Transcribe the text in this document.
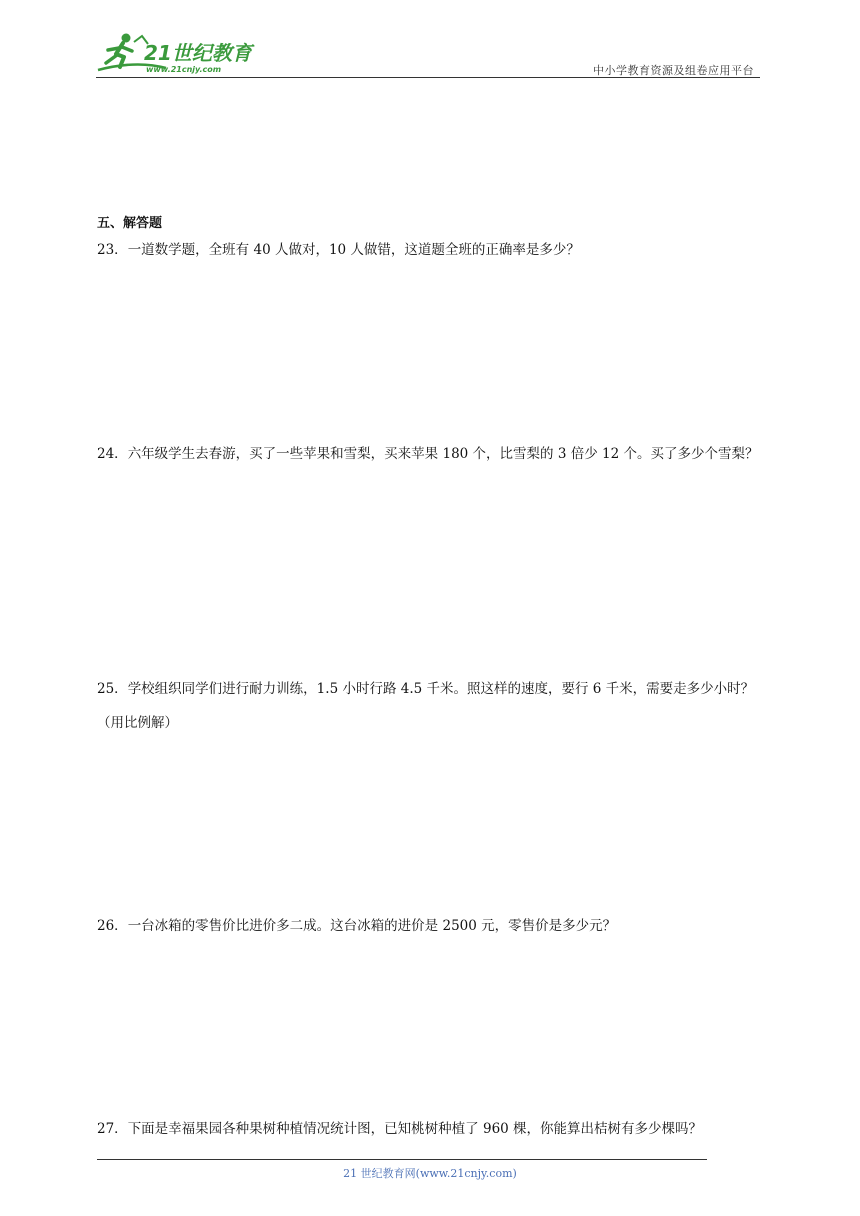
21世纪教育
www.21cnjy.com	中小学教育资源及组卷应用平台
五、解答题
23．一道数学题，全班有 40 人做对，10 人做错，这道题全班的正确率是多少？
24．六年级学生去春游，买了一些苹果和雪梨，买来苹果 180 个，比雪梨的 3 倍少 12 个。买了多少个雪梨？
25．学校组织同学们进行耐力训练，1.5 小时行路 4.5 千米。照这样的速度，要行 6 千米，需要走多少小时？（用比例解）
26．一台冰箱的零售价比进价多二成。这台冰箱的进价是 2500 元，零售价是多少元？
27．下面是幸福果园各种果树种植情况统计图，已知桃树种植了 960 棵，你能算出桔树有多少棵吗？
21 世纪教育网(www.21cnjy.com)
